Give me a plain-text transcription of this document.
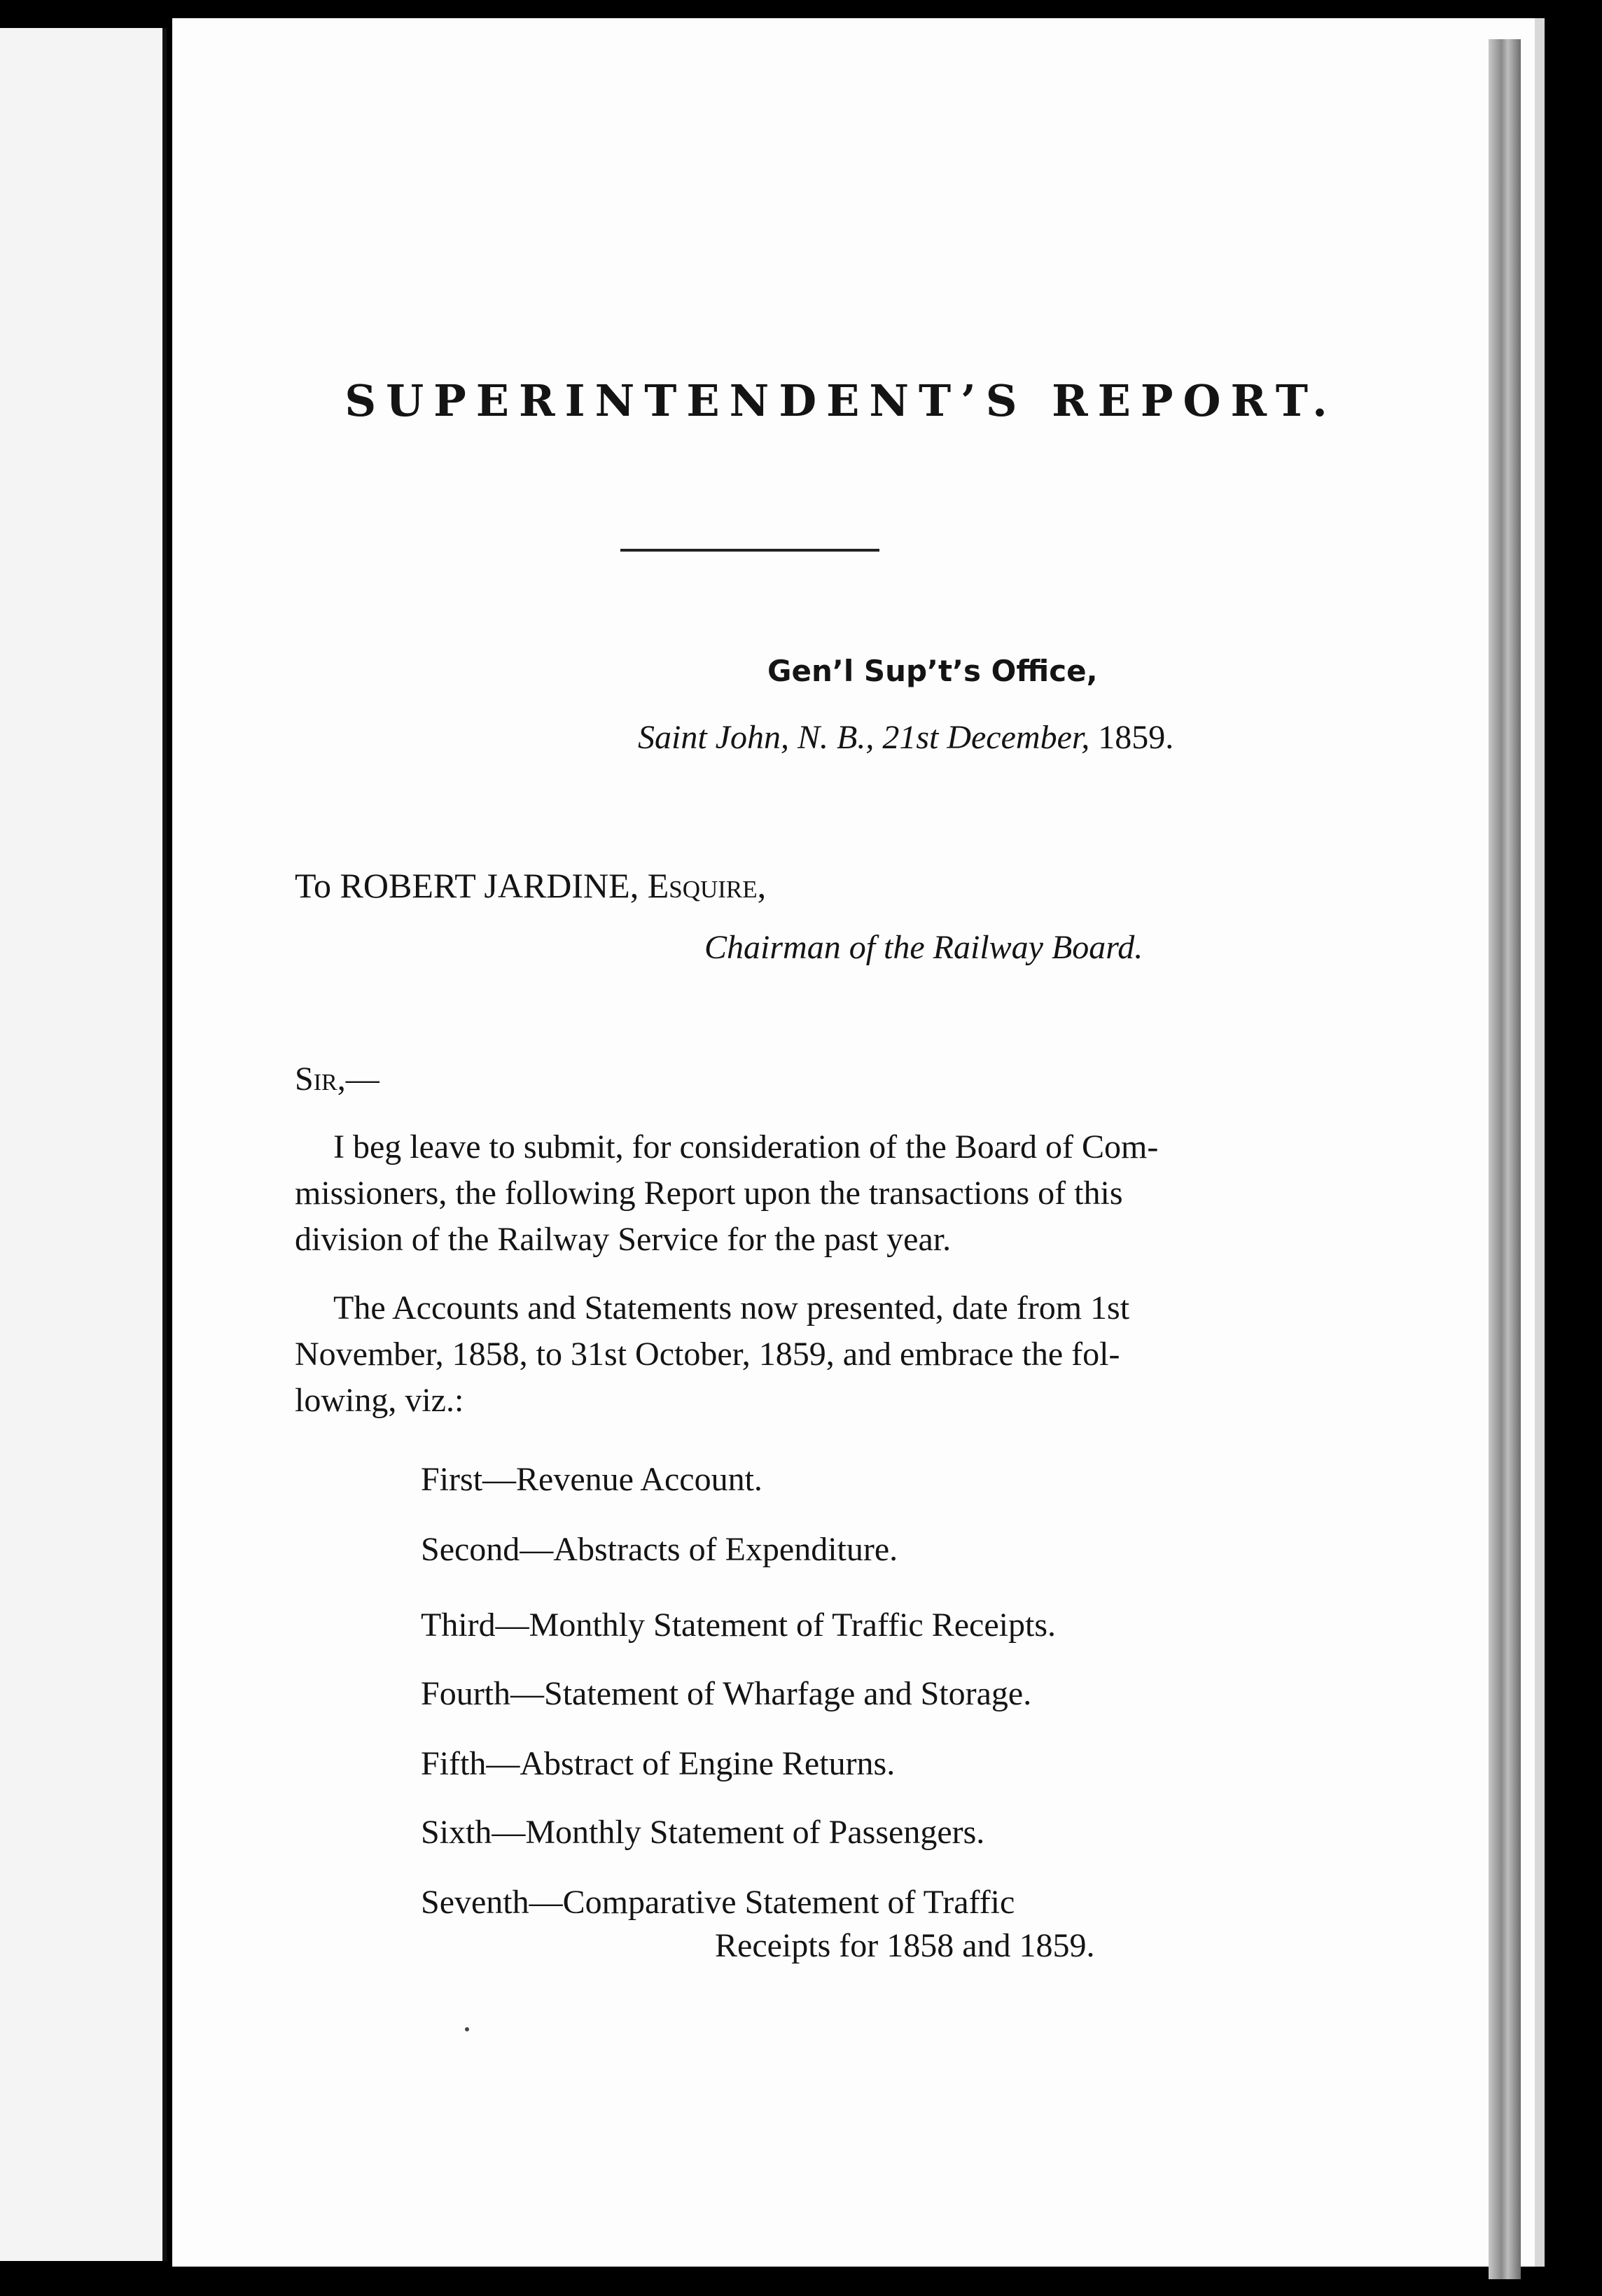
SUPERINTENDENT’S REPORT.
Gen’l Sup’t’s Office,
Saint John, N. B., 21st December, 1859.
To ROBERT JARDINE, Esquire,
Chairman of the Railway Board.
Sir,—
I beg leave to submit, for consideration of the Board of Com-
missioners, the following Report upon the transactions of this
division of the Railway Service for the past year.
The Accounts and Statements now presented, date from 1st
November, 1858, to 31st October, 1859, and embrace the fol-
lowing, viz.:
First—Revenue Account.
Second—Abstracts of Expenditure.
Third—Monthly Statement of Traffic Receipts.
Fourth—Statement of Wharfage and Storage.
Fifth—Abstract of Engine Returns.
Sixth—Monthly Statement of Passengers.
Seventh—Comparative Statement of Traffic
Receipts for 1858 and 1859.
